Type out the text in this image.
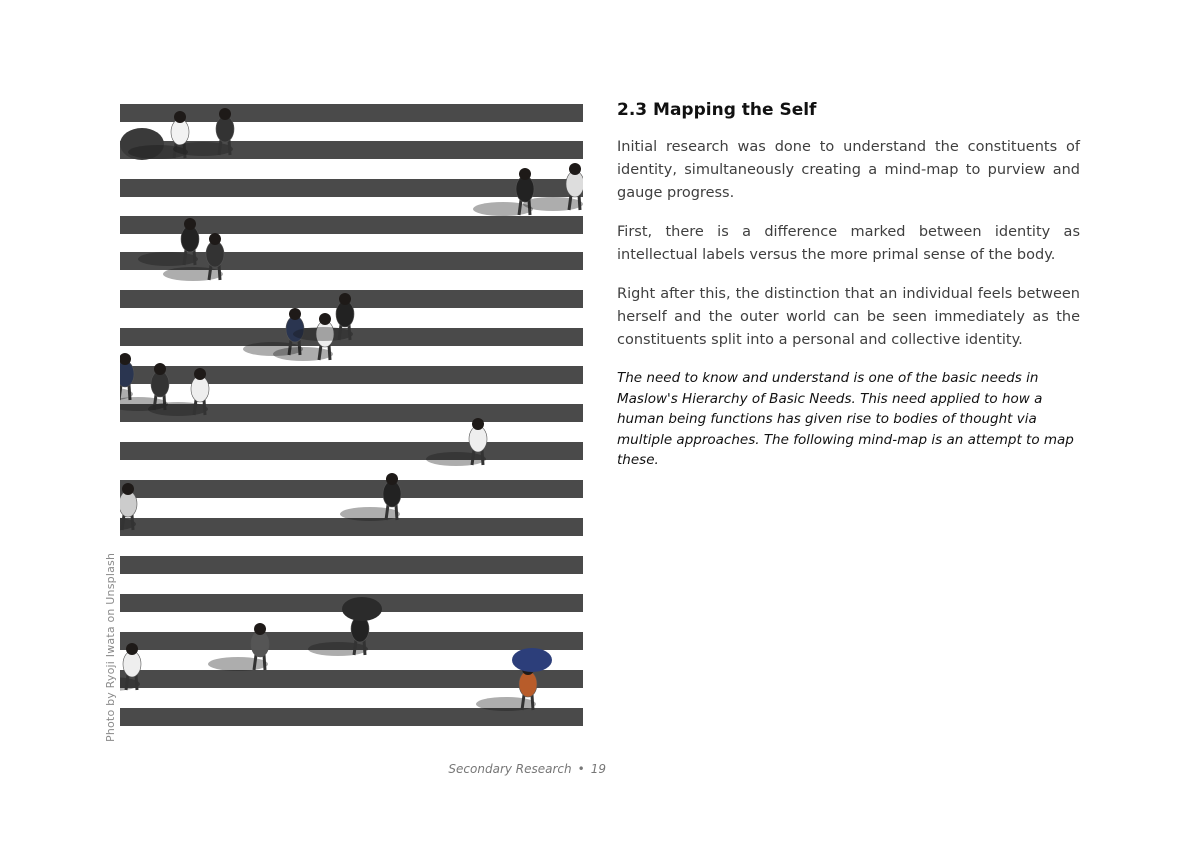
Photo by Ryoji Iwata on Unsplash
2.3 Mapping the Self

Initial research was done to understand the constituents of identity, simultaneously creating a mind-map to purview and gauge progress.

First, there is a difference marked between identity as intellectual labels versus the more primal sense of the body.

Right after this, the distinction that an individual feels between herself and the outer world can be seen immediately as the constituents split into a personal and collective identity.

The need to know and understand is one of the basic needs in Maslow's Hierarchy of Basic Needs. This need applied to how a human being functions has given rise to bodies of thought via multiple approaches. The following mind-map is an attempt to map these.

Secondary Research • 19
